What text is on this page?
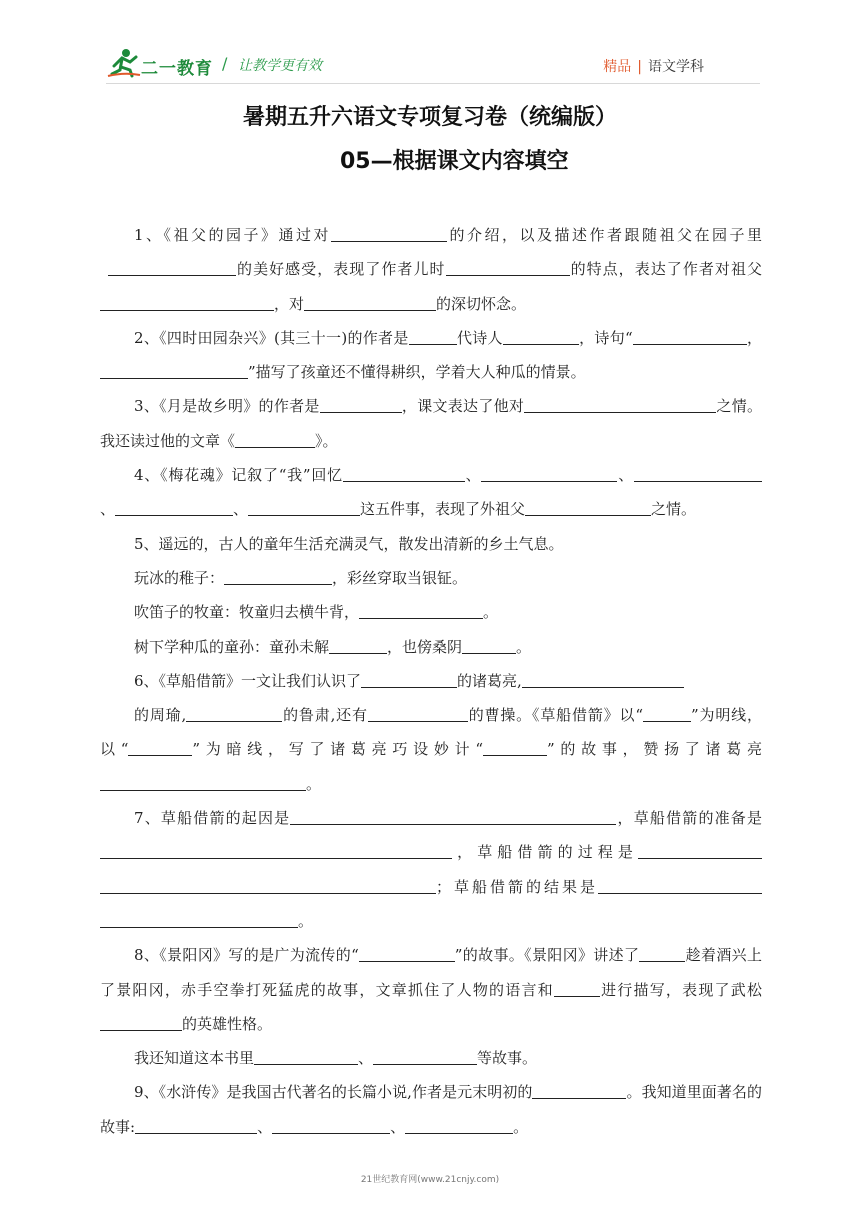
二一教育 / 让教学更有效	精品 | 语文学科
暑期五升六语文专项复习卷（统编版）
05—根据课文内容填空

1、《祖父的园子》通过对	的介绍，以及描述作者跟随祖父在园子里的美好感受，表现了作者儿时	的特点，表达了作者对祖父，对	的深切怀念。

2、《四时田园杂兴》(其三十一)的作者是	代诗人	，诗句“	，”描写了孩童还不懂得耕织，学着大人种瓜的情景。

3、《月是故乡明》的作者是	，课文表达了他对	之情。我还读过他的文章《	》。

4、《梅花魂》记叙了“我”回忆	、	、、	、	这五件事，表现了外祖父	之情。

5、遥远的，古人的童年生活充满灵气，散发出清新的乡土气息。

玩冰的稚子：	，彩丝穿取当银钲。

吹笛子的牧童：牧童归去横牛背，	。

树下学种瓜的童孙：童孙未解	，也傍桑阴	。

6、《草船借箭》一文让我们认识了	的诸葛亮,
的周瑜,	的鲁肃,还有	的曹操。《草船借箭》以“	”为明线，以“	”为暗线，写了诸葛亮巧设妙计“	”的故事，赞扬了诸葛亮。

7、草船借箭的起因是	，草船借箭的准备是，草船借箭的过程是；草船借箭的结果是。

8、《景阳冈》写的是广为流传的“	”的故事。《景阳冈》讲述了	趁着酒兴上了景阳冈，赤手空拳打死猛虎的故事，文章抓住了人物的语言和	进行描写，表现了武松的英雄性格。

我还知道这本书里	、	等故事。

9、《水浒传》是我国古代著名的长篇小说,作者是元末明初的	。我知道里面著名的故事:	、	、	。

21世纪教育网(www.21cnjy.com)
